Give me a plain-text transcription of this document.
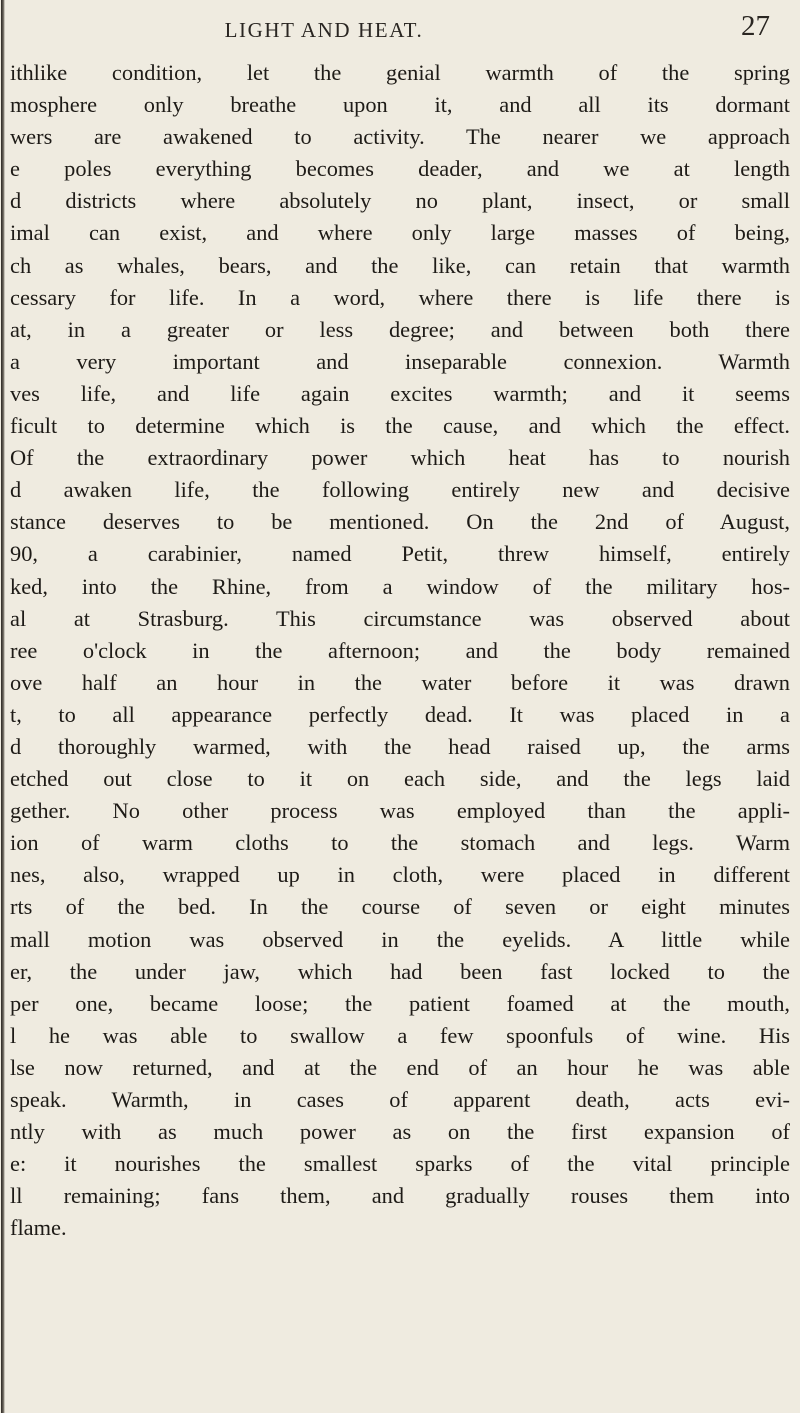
LIGHT AND HEAT.	27
ithlike condition, let the genial warmth of the spring
mosphere only breathe upon it, and all its dormant
wers are awakened to activity. The nearer we approach
e poles everything becomes deader, and we at length
d districts where absolutely no plant, insect, or small
imal can exist, and where only large masses of being,
ch as whales, bears, and the like, can retain that warmth
cessary for life. In a word, where there is life there is
at, in a greater or less degree; and between both there
a very important and inseparable connexion. Warmth
ves life, and life again excites warmth; and it seems
ficult to determine which is the cause, and which the effect.
Of the extraordinary power which heat has to nourish
d awaken life, the following entirely new and decisive
stance deserves to be mentioned. On the 2nd of August,
90, a carabinier, named Petit, threw himself, entirely
ked, into the Rhine, from a window of the military hos-
al at Strasburg. This circumstance was observed about
ree o'clock in the afternoon; and the body remained
ove half an hour in the water before it was drawn
t, to all appearance perfectly dead. It was placed in a
d thoroughly warmed, with the head raised up, the arms
etched out close to it on each side, and the legs laid
gether. No other process was employed than the appli-
ion of warm cloths to the stomach and legs. Warm
nes, also, wrapped up in cloth, were placed in different
rts of the bed. In the course of seven or eight minutes
mall motion was observed in the eyelids. A little while
er, the under jaw, which had been fast locked to the
per one, became loose; the patient foamed at the mouth,
l he was able to swallow a few spoonfuls of wine. His
lse now returned, and at the end of an hour he was able
speak. Warmth, in cases of apparent death, acts evi-
ntly with as much power as on the first expansion of
e: it nourishes the smallest sparks of the vital principle
ll remaining; fans them, and gradually rouses them into
flame.
